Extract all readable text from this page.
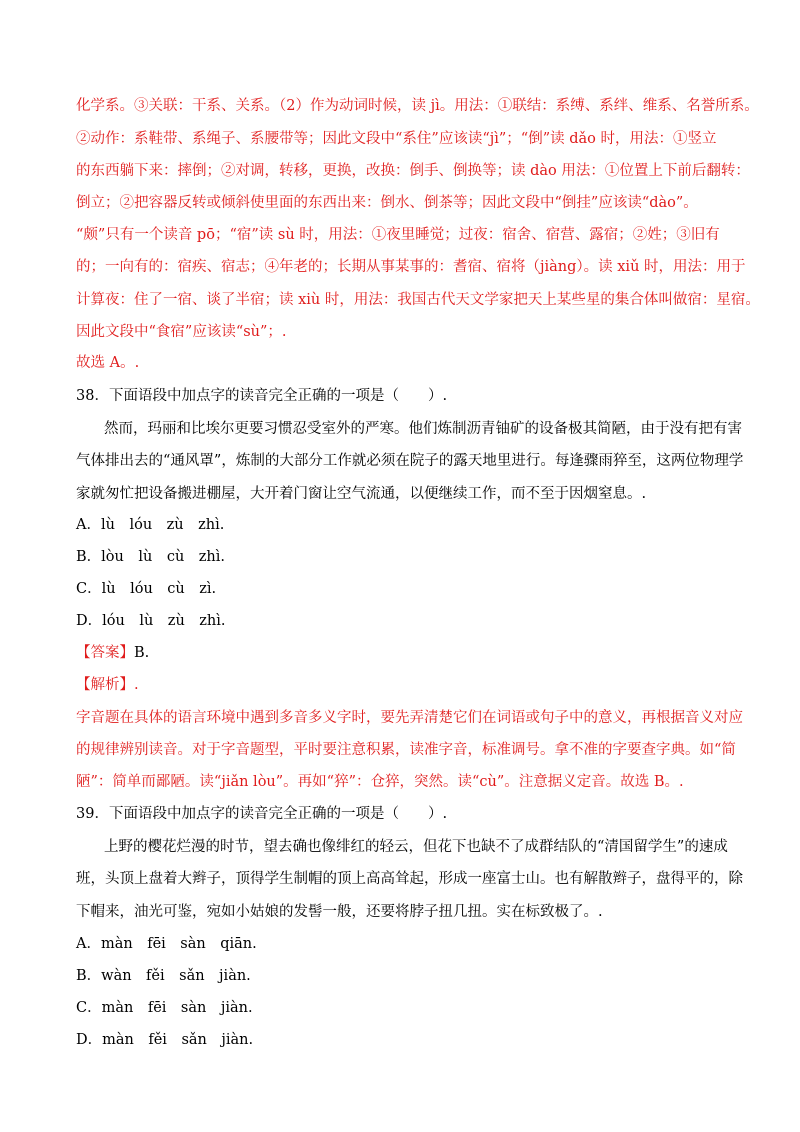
化学系。③关联：干系、关系。（2）作为动词时候，读 jì。用法：①联结：系缚、系绊、维系、名誉所系。
②动作：系鞋带、系绳子、系腰带等；因此文段中“系住”应该读“jì”；“倒”读 dǎo 时，用法：①竖立
的东西躺下来：摔倒；②对调，转移，更换，改换：倒手、倒换等；读 dào 用法：①位置上下前后翻转：
倒立；②把容器反转或倾斜使里面的东西出来：倒水、倒茶等；因此文段中“倒挂”应该读“dào”。
“颇”只有一个读音 pō；“宿”读 sù 时，用法：①夜里睡觉；过夜：宿舍、宿营、露宿；②姓；③旧有
的；一向有的：宿疾、宿志；④年老的；长期从事某事的：耆宿、宿将（jiàng）。读 xiǔ 时，用法：用于
计算夜：住了一宿、谈了半宿；读 xiù 时，用法：我国古代天文学家把天上某些星的集合体叫做宿：星宿。
因此文段中“食宿”应该读“sù”；.
故选 A。.
38．下面语段中加点字的读音完全正确的一项是（　　）.
然而，玛丽和比埃尔更要习惯忍受室外的严寒。他们炼制沥青铀矿的设备极其简陋，由于没有把有害
气体排出去的“通风罩”，炼制的大部分工作就必须在院子的露天地里进行。每逢骤雨猝至，这两位物理学
家就匆忙把设备搬进棚屋，大开着门窗让空气流通，以便继续工作，而不至于因烟窒息。.
A．lù　lóu　zù　zhì.
B．lòu　lù　cù　zhì.
C．lù　lóu　cù　zì.
D．lóu　lù　zù　zhì.
【答案】B.
【解析】.
字音题在具体的语言环境中遇到多音多义字时，要先弄清楚它们在词语或句子中的意义，再根据音义对应
的规律辨别读音。对于字音题型，平时要注意积累，读准字音，标准调号。拿不准的字要查字典。如“简
陋”：简单而鄙陋。读“jiǎn lòu”。再如“猝”：仓猝，突然。读“cù”。注意据义定音。故选 B。.
39．下面语段中加点字的读音完全正确的一项是（　　）.
上野的樱花烂漫的时节，望去确也像绯红的轻云，但花下也缺不了成群结队的“清国留学生”的速成
班，头顶上盘着大辫子，顶得学生制帽的顶上高高耸起，形成一座富士山。也有解散辫子，盘得平的，除
下帽来，油光可鉴，宛如小姑娘的发髻一般，还要将脖子扭几扭。实在标致极了。.
A．màn　fēi　sàn　qiān.
B．wàn　fěi　sǎn　jiàn.
C．màn　fēi　sàn　jiàn.
D．màn　fěi　sǎn　jiàn.
